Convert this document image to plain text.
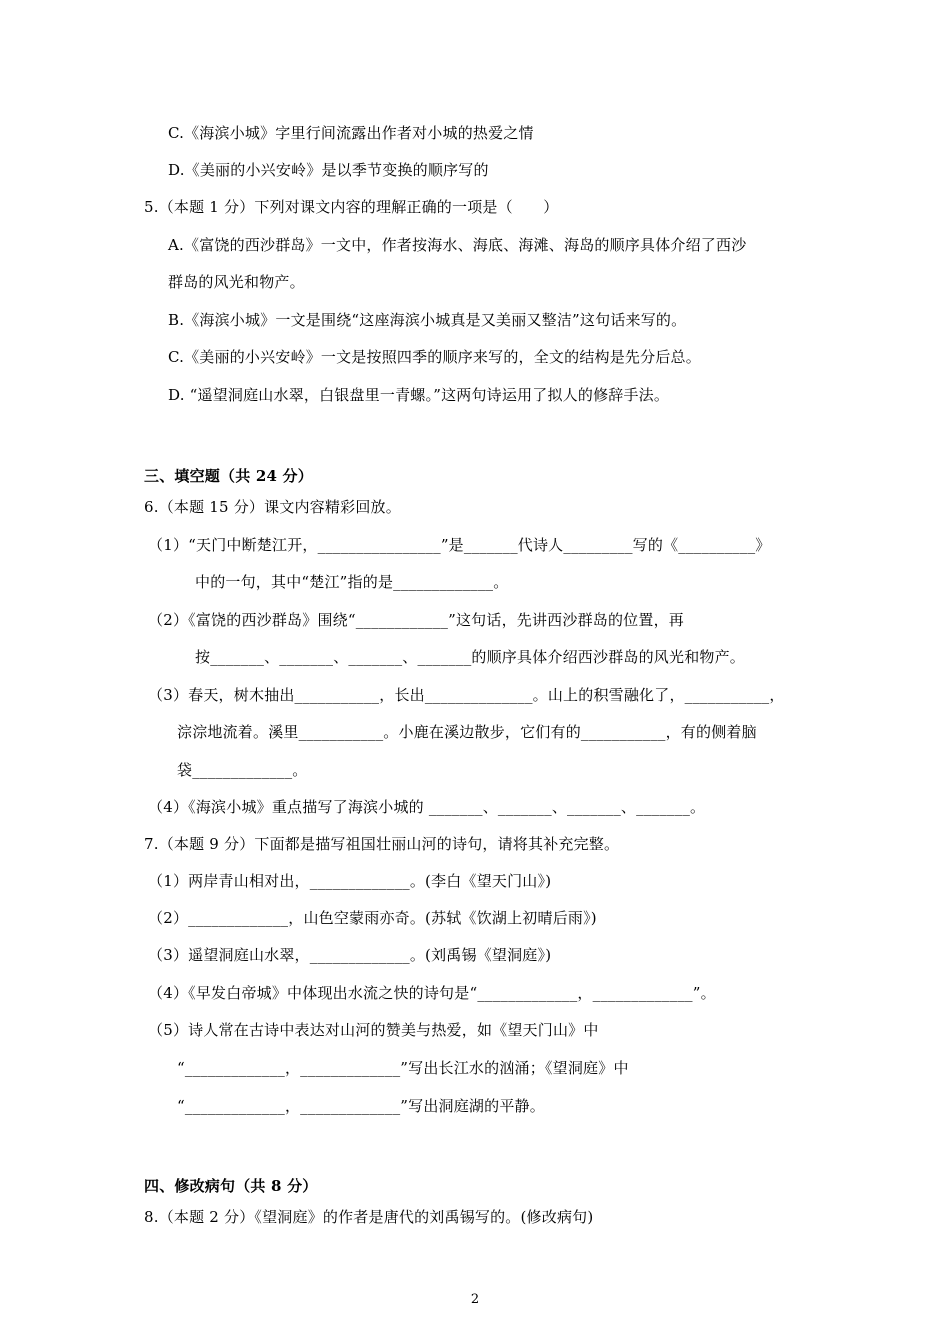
C.《海滨小城》字里行间流露出作者对小城的热爱之情
D.《美丽的小兴安岭》是以季节变换的顺序写的
5.（本题 1 分）下列对课文内容的理解正确的一项是（　　）
A.《富饶的西沙群岛》一文中，作者按海水、海底、海滩、海岛的顺序具体介绍了西沙
群岛的风光和物产。
B.《海滨小城》一文是围绕“这座海滨小城真是又美丽又整洁”这句话来写的。
C.《美丽的小兴安岭》一文是按照四季的顺序来写的，全文的结构是先分后总。
D. “遥望洞庭山水翠，白银盘里一青螺。”这两句诗运用了拟人的修辞手法。
三、填空题（共 24 分）
6.（本题 15 分）课文内容精彩回放。
（1）“天门中断楚江开，________________”是_______代诗人_________写的《__________》
中的一句，其中“楚江”指的是_____________。
（2）《富饶的西沙群岛》围绕“____________”这句话，先讲西沙群岛的位置，再
按_______、_______、_______、_______的顺序具体介绍西沙群岛的风光和物产。
（3）春天，树木抽出___________，长出______________。山上的积雪融化了，___________，
淙淙地流着。溪里___________。小鹿在溪边散步，它们有的___________，有的侧着脑
袋_____________。
（4）《海滨小城》重点描写了海滨小城的 _______、_______、_______、_______。
7.（本题 9 分）下面都是描写祖国壮丽山河的诗句，请将其补充完整。
（1）两岸青山相对出，_____________。(李白《望天门山》)
（2）_____________，山色空蒙雨亦奇。(苏轼《饮湖上初晴后雨》)
（3）遥望洞庭山水翠，_____________。(刘禹锡《望洞庭》)
（4）《早发白帝城》中体现出水流之快的诗句是“_____________，_____________”。
（5）诗人常在古诗中表达对山河的赞美与热爱，如《望天门山》中
“_____________，_____________”写出长江水的汹涌；《望洞庭》中
“_____________，_____________”写出洞庭湖的平静。
四、修改病句（共 8 分）
8.（本题 2 分）《望洞庭》的作者是唐代的刘禹锡写的。(修改病句)
2
